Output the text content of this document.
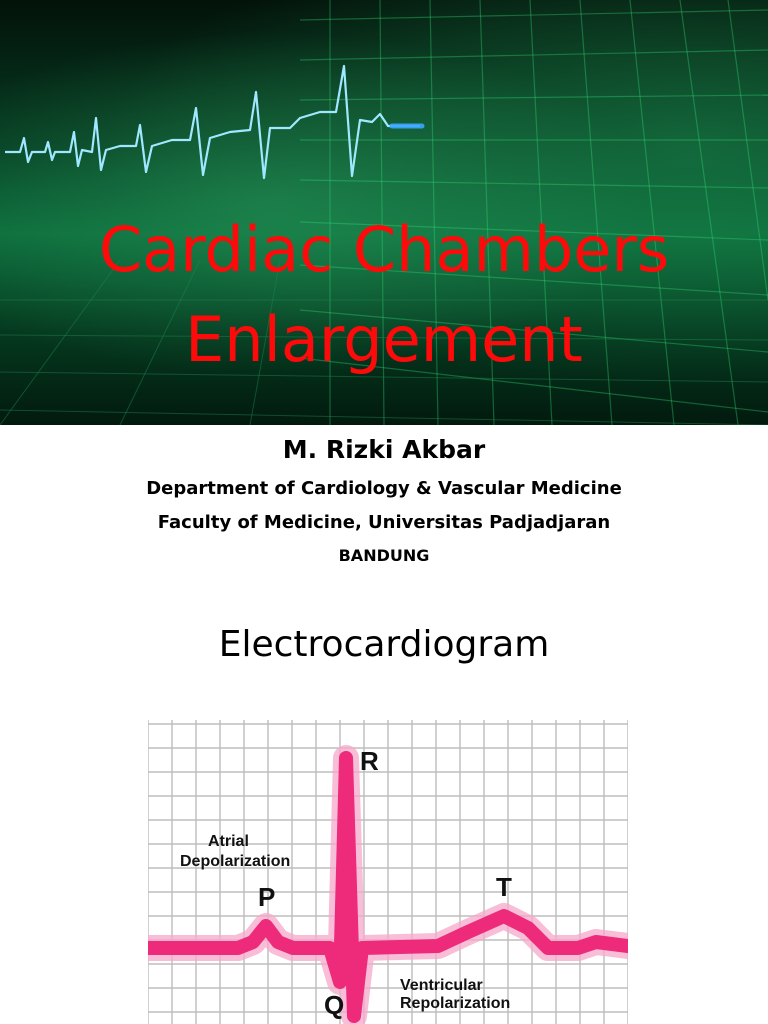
Cardiac Chambers
Enlargement
M. Rizki Akbar
Department of Cardiology & Vascular Medicine
Faculty of Medicine, Universitas Padjadjaran
BANDUNG
Electrocardiogram
R
Atrial
Depolarization
P	T
Q
Ventricular
Repolarization
